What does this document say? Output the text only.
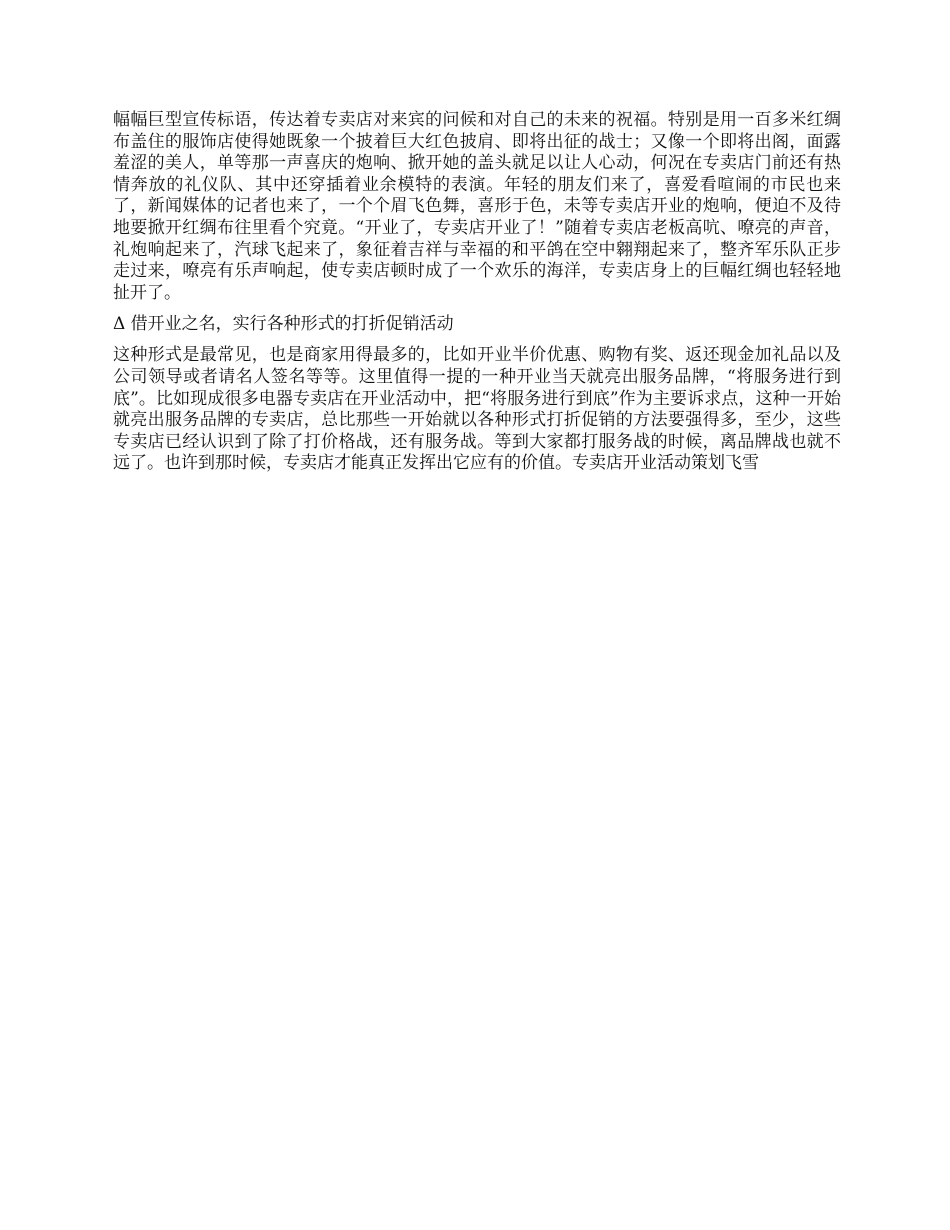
幅幅巨型宣传标语，传达着专卖店对来宾的问候和对自己的未来的祝福。特别是用一百多米红绸布盖住的服饰店使得她既象一个披着巨大红色披肩、即将出征的战士；又像一个即将出阁，面露羞涩的美人，单等那一声喜庆的炮响、掀开她的盖头就足以让人心动，何况在专卖店门前还有热情奔放的礼仪队、其中还穿插着业余模特的表演。年轻的朋友们来了，喜爱看喧闹的市民也来了，新闻媒体的记者也来了，一个个眉飞色舞，喜形于色，未等专卖店开业的炮响，便迫不及待地要掀开红绸布往里看个究竟。“开业了，专卖店开业了！”随着专卖店老板高吭、嘹亮的声音，礼炮响起来了，汽球飞起来了，象征着吉祥与幸福的和平鸽在空中翱翔起来了，整齐军乐队正步走过来，嘹亮有乐声响起，使专卖店顿时成了一个欢乐的海洋，专卖店身上的巨幅红绸也轻轻地扯开了。

Δ 借开业之名，实行各种形式的打折促销活动

这种形式是最常见，也是商家用得最多的，比如开业半价优惠、购物有奖、返还现金加礼品以及公司领导或者请名人签名等等。这里值得一提的一种开业当天就亮出服务品牌，“将服务进行到底”。比如现成很多电器专卖店在开业活动中，把“将服务进行到底”作为主要诉求点，这种一开始就亮出服务品牌的专卖店，总比那些一开始就以各种形式打折促销的方法要强得多，至少，这些专卖店已经认识到了除了打价格战，还有服务战。等到大家都打服务战的时候，离品牌战也就不远了。也许到那时候，专卖店才能真正发挥出它应有的价值。专卖店开业活动策划飞雪
